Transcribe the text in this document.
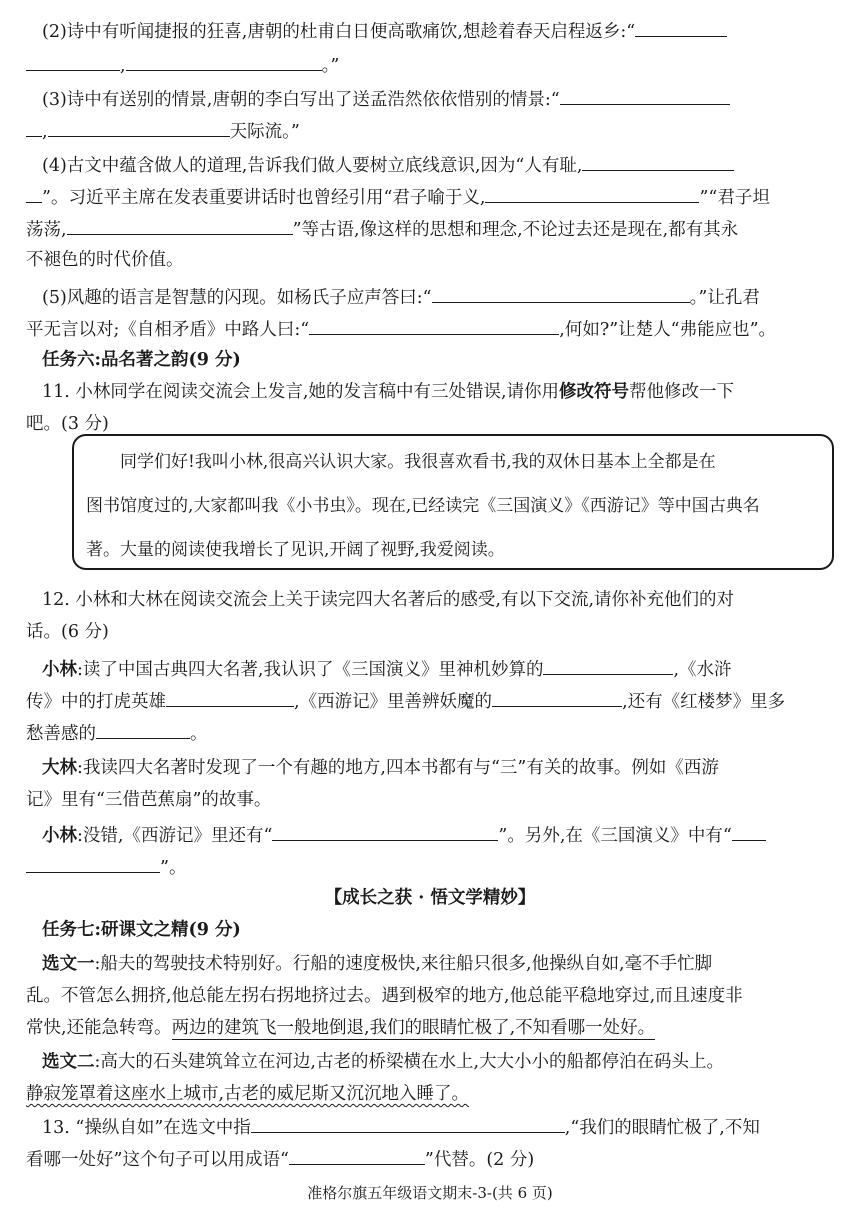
(2)诗中有听闻捷报的狂喜,唐朝的杜甫白日便高歌痛饮,想趁着春天启程返乡:“
,	。”
(3)诗中有送别的情景,唐朝的李白写出了送孟浩然依依惜别的情景:“
,	天际流。”
(4)古文中蕴含做人的道理,告诉我们做人要树立底线意识,因为“人有耻,
”。习近平主席在发表重要讲话时也曾经引用“君子喻于义,	”“君子坦
荡荡,	”等古语,像这样的思想和理念,不论过去还是现在,都有其永
不褪色的时代价值。
(5)风趣的语言是智慧的闪现。如杨氏子应声答曰:“	。”让孔君
平无言以对;《自相矛盾》中路人曰:“	,何如?”让楚人“弗能应也”。
任务六:品名著之韵(9 分)
11. 小林同学在阅读交流会上发言,她的发言稿中有三处错误,请你用修改符号帮他修改一下
吧。(3 分)
同学们好!我叫小林,很高兴认识大家。我很喜欢看书,我的双休日基本上全都是在
图书馆度过的,大家都叫我《小书虫》。现在,已经读完《三国演义》《西游记》等中国古典名
著。大量的阅读使我增长了见识,开阔了视野,我爱阅读。
12. 小林和大林在阅读交流会上关于读完四大名著后的感受,有以下交流,请你补充他们的对
话。(6 分)
小林:读了中国古典四大名著,我认识了《三国演义》里神机妙算的	,《水浒
传》中的打虎英雄	,《西游记》里善辨妖魔的	,还有《红楼梦》里多
愁善感的	。
大林:我读四大名著时发现了一个有趣的地方,四本书都有与“三”有关的故事。例如《西游
记》里有“三借芭蕉扇”的故事。
小林:没错,《西游记》里还有“	”。另外,在《三国演义》中有“
”。
【成长之获 · 悟文学精妙】
任务七:研课文之精(9 分)
选文一:船夫的驾驶技术特别好。行船的速度极快,来往船只很多,他操纵自如,毫不手忙脚
乱。不管怎么拥挤,他总能左拐右拐地挤过去。遇到极窄的地方,他总能平稳地穿过,而且速度非
常快,还能急转弯。两边的建筑飞一般地倒退,我们的眼睛忙极了,不知看哪一处好。
选文二:高大的石头建筑耸立在河边,古老的桥梁横在水上,大大小小的船都停泊在码头上。
静寂笼罩着这座水上城市,古老的威尼斯又沉沉地入睡了。
13. “操纵自如”在选文中指	,“我们的眼睛忙极了,不知
看哪一处好”这个句子可以用成语“	”代替。(2 分)
准格尔旗五年级语文期末-3-(共 6 页)
